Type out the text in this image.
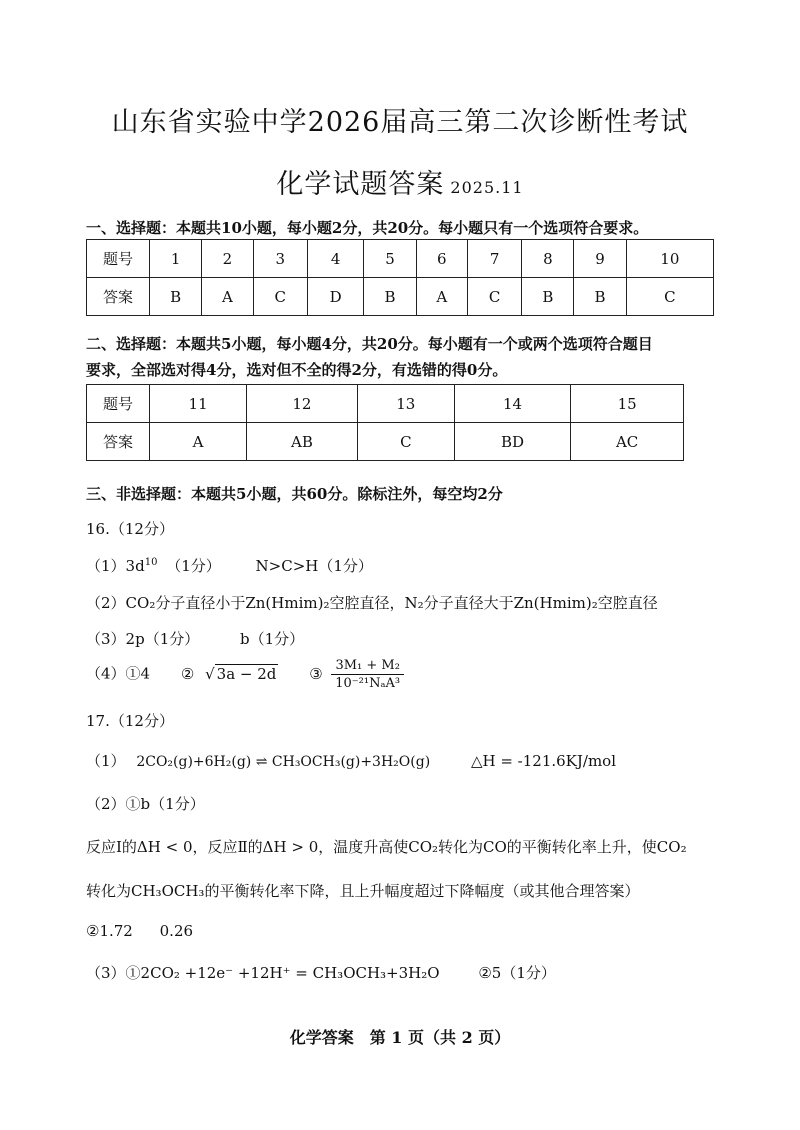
山东省实验中学2026届高三第二次诊断性考试
化学试题答案 2025.11
一、选择题：本题共10小题，每小题2分，共20分。每小题只有一个选项符合要求。
题号	1	2	3	4	5	6	7	8	9	10
答案	B	A	C	D	B	A	C	B	B	C
二、选择题：本题共5小题，每小题4分，共20分。每小题有一个或两个选项符合题目
要求，全部选对得4分，选对但不全的得2分，有选错的得0分。
题号	11	12	13	14	15
答案	A	AB	C	BD	AC
三、非选择题：本题共5小题，共60分。除标注外，每空均2分
16.（12分）
$(1)3d^{10}$ （1分） N>C>H（1分）
（2）CO₂分子直径小于Zn(Hmim)₂空腔直径，N₂分子直径大于Zn(Hmim)₂空腔直径
（3）2p（1分）	b（1分）
（4）①4 ② √ 3a − 2d ③ $\frac{\text{3M₁ + M₂}}{\text{10⁻²¹NₐA³}}$
17.（12分）
（1） 2CO₂(g)+6H₂(g) ⇌ CH₃OCH₃(g)+3H₂O(g)	△H = -121.6KJ/mol
（2）①b（1分）
反应Ⅰ的ΔH < 0，反应Ⅱ的ΔH > 0，温度升高使CO₂转化为CO的平衡转化率上升，使CO₂
转化为CH₃OCH₃的平衡转化率下降，且上升幅度超过下降幅度（或其他合理答案）
②1.72 0.26
（3）①2CO₂ +12e⁻ +12H⁺ = CH₃OCH₃+3H₂O	②5（1分）
化学答案　第 1 页（共 2 页）
